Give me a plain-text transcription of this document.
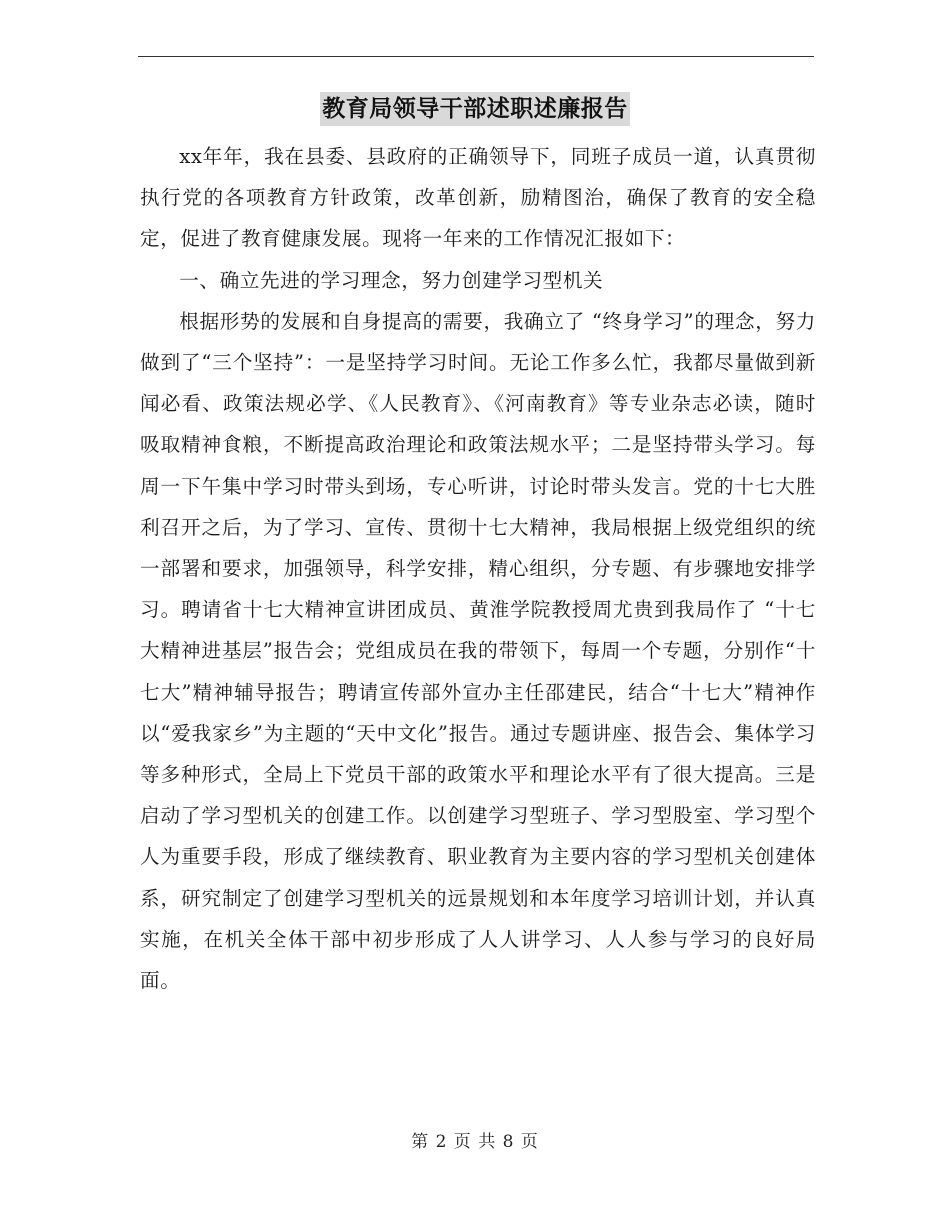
教育局领导干部述职述廉报告

xx年年，我在县委、县政府的正确领导下，同班子成员一道，认真贯彻执行党的各项教育方针政策，改革创新，励精图治，确保了教育的安全稳定，促进了教育健康发展。现将一年来的工作情况汇报如下：

一、确立先进的学习理念，努力创建学习型机关

根据形势的发展和自身提高的需要，我确立了 “终身学习”的理念，努力做到了“三个坚持”：一是坚持学习时间。无论工作多么忙，我都尽量做到新闻必看、政策法规必学、《人民教育》、《河南教育》等专业杂志必读，随时吸取精神食粮，不断提高政治理论和政策法规水平；二是坚持带头学习。每周一下午集中学习时带头到场，专心听讲，讨论时带头发言。党的十七大胜利召开之后，为了学习、宣传、贯彻十七大精神，我局根据上级党组织的统一部署和要求，加强领导，科学安排，精心组织，分专题、有步骤地安排学习。聘请省十七大精神宣讲团成员、黄淮学院教授周尤贵到我局作了 “十七大精神进基层”报告会；党组成员在我的带领下，每周一个专题，分别作“十七大”精神辅导报告；聘请宣传部外宣办主任邵建民，结合“十七大”精神作以“爱我家乡”为主题的“天中文化”报告。通过专题讲座、报告会、集体学习等多种形式，全局上下党员干部的政策水平和理论水平有了很大提高。三是启动了学习型机关的创建工作。以创建学习型班子、学习型股室、学习型个人为重要手段，形成了继续教育、职业教育为主要内容的学习型机关创建体系，研究制定了创建学习型机关的远景规划和本年度学习培训计划，并认真实施，在机关全体干部中初步形成了人人讲学习、人人参与学习的良好局面。

第 2 页 共 8 页
